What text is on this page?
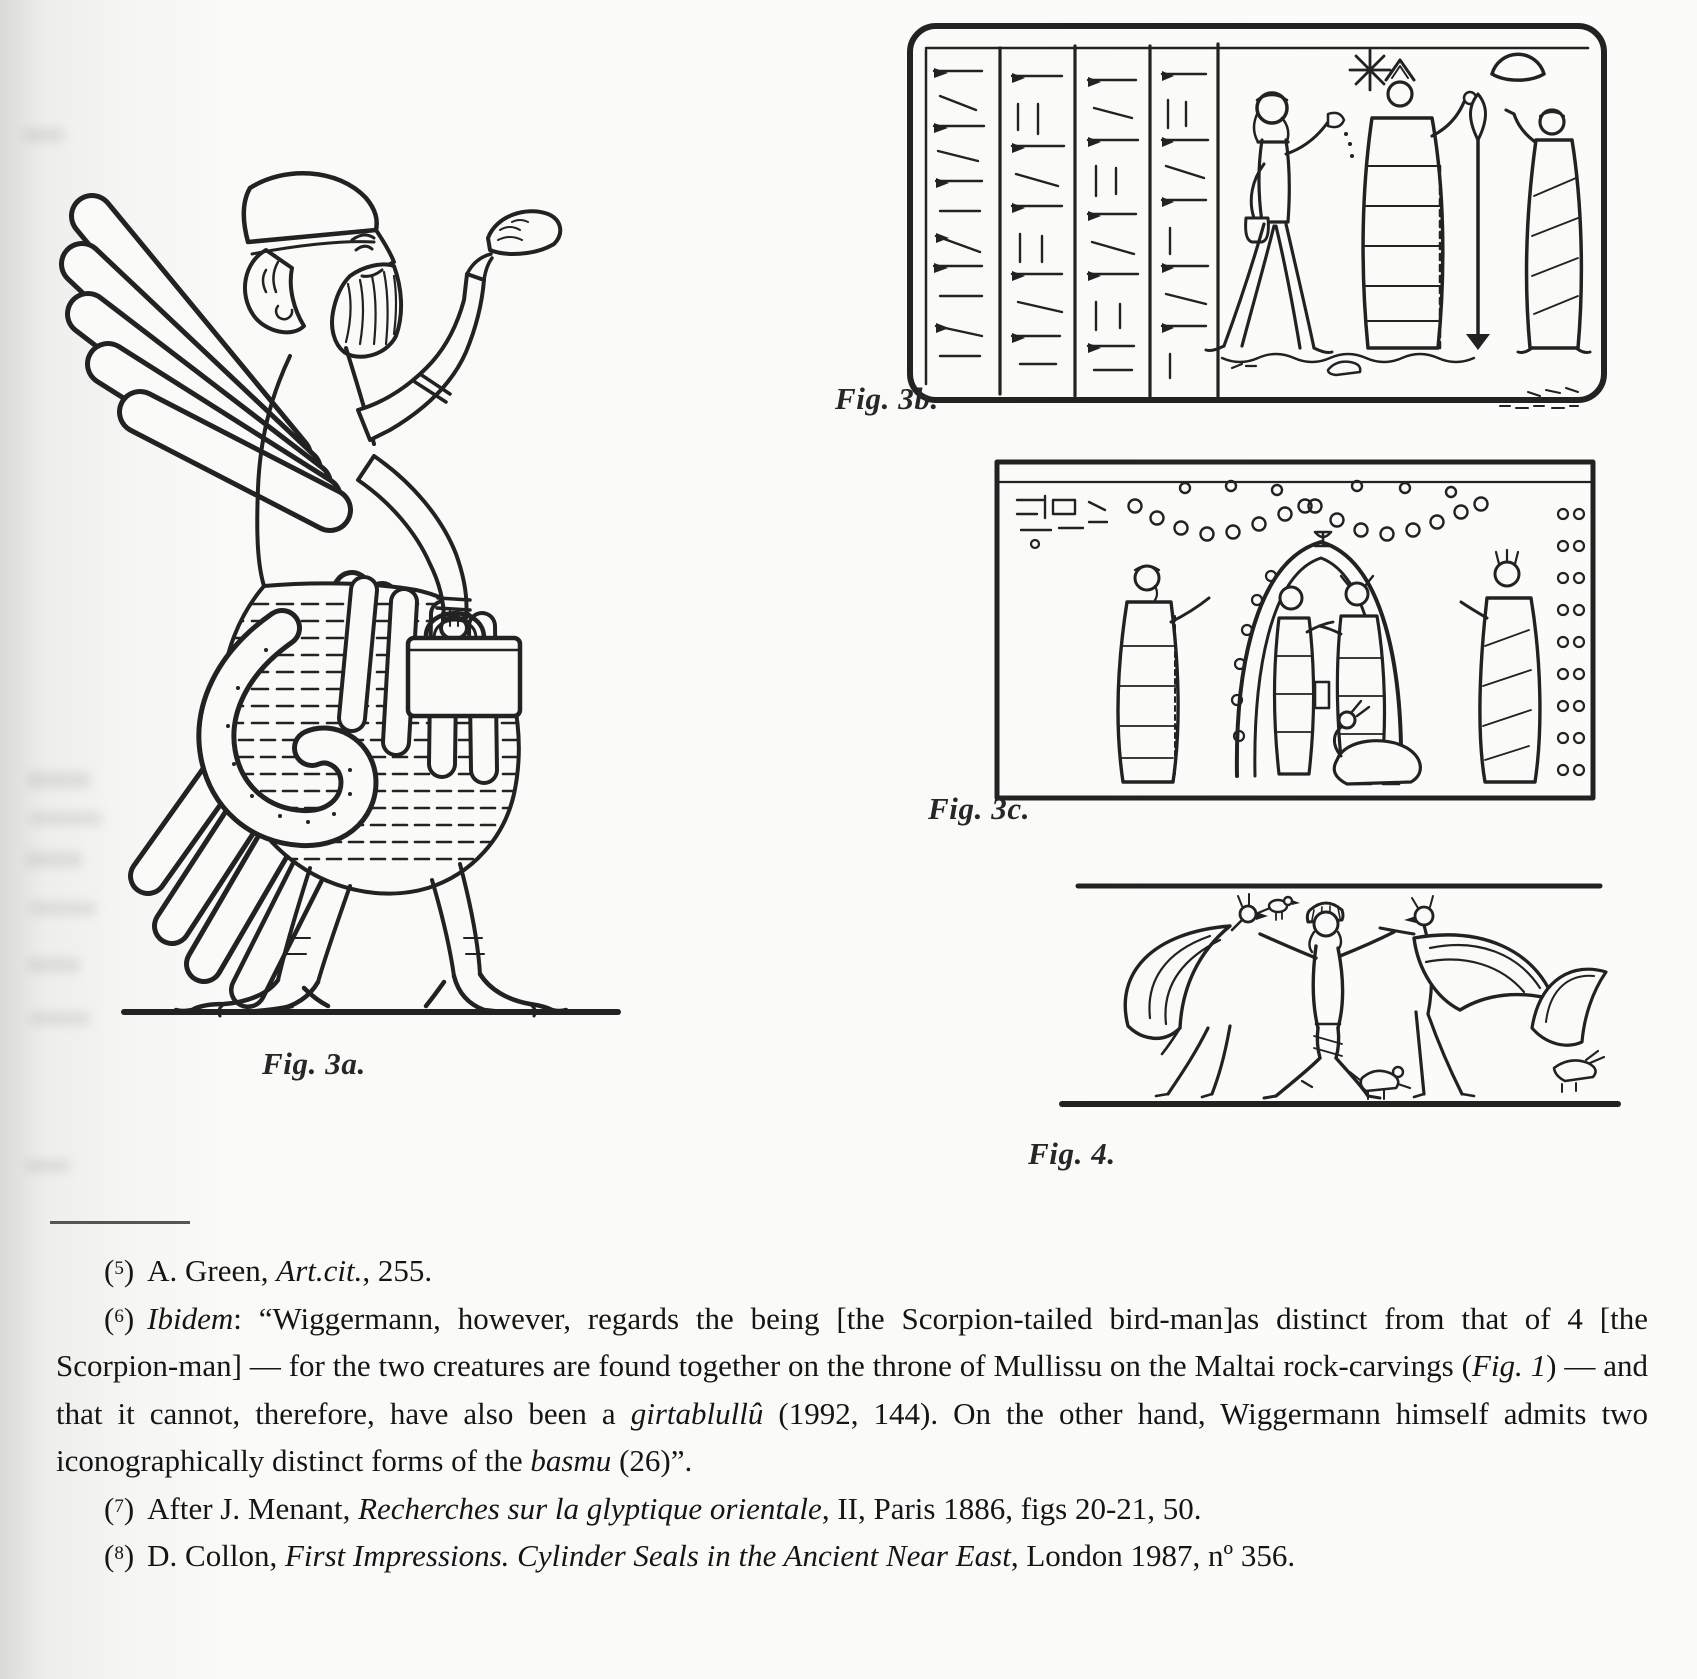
Fig. 3a.
Fig. 3b.
Fig. 3c.
Fig. 4.

($^5$) A. Green, Art.cit., 255.

($^6$) Ibidem: “Wiggermann, however, regards the being [the Scorpion-tailed bird-man]as distinct from that of 4 [the Scorpion-man] — for the two creatures are found together on the throne of Mullissu on the Maltai rock-carvings (Fig. 1) — and that it cannot, therefore, have also been a girtablullû (1992, 144). On the other hand, Wiggermann himself admits two iconographically distinct forms of the basmu (26)”.

($^7$) After J. Menant, Recherches sur la glyptique orientale, II, Paris 1886, figs 20-21, 50.

($^8$) D. Collon, First Impressions. Cylinder Seals in the Ancient Near East, London 1987, nº 356.
